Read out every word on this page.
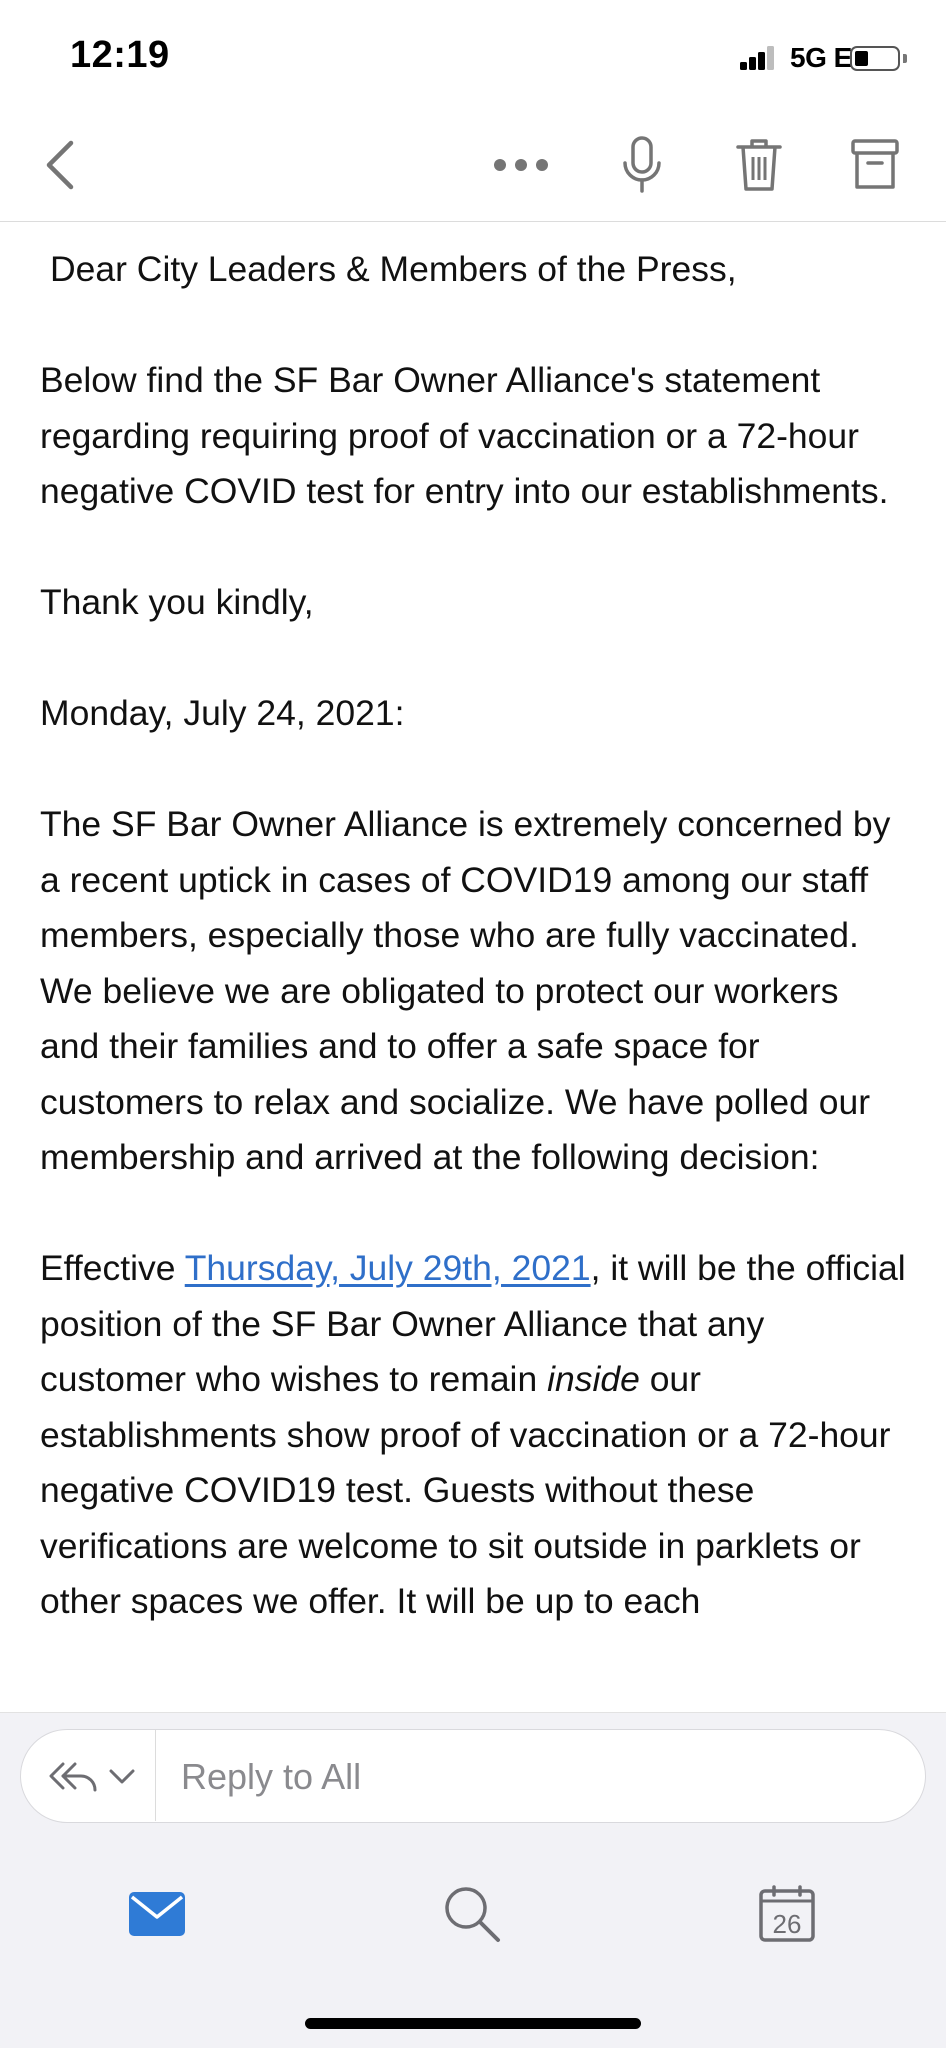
12:19	5G E

Dear City Leaders & Members of the Press,

Below find the SF Bar Owner Alliance's statement regarding requiring proof of vaccination or a 72-hour negative COVID test for entry into our establishments.

Thank you kindly,

Monday, July 24, 2021:

The SF Bar Owner Alliance is extremely concerned by a recent uptick in cases of COVID19 among our staff members, especially those who are fully vaccinated. We believe we are obligated to protect our workers and their families and to offer a safe space for customers to relax and socialize. We have polled our membership and arrived at the following decision:

Effective Thursday, July 29th, 2021, it will be the official position of the SF Bar Owner Alliance that any customer who wishes to remain inside our establishments show proof of vaccination or a 72-hour negative COVID19 test. Guests without these verifications are welcome to sit outside in parklets or other spaces we offer. It will be up to each

Reply to All
26
